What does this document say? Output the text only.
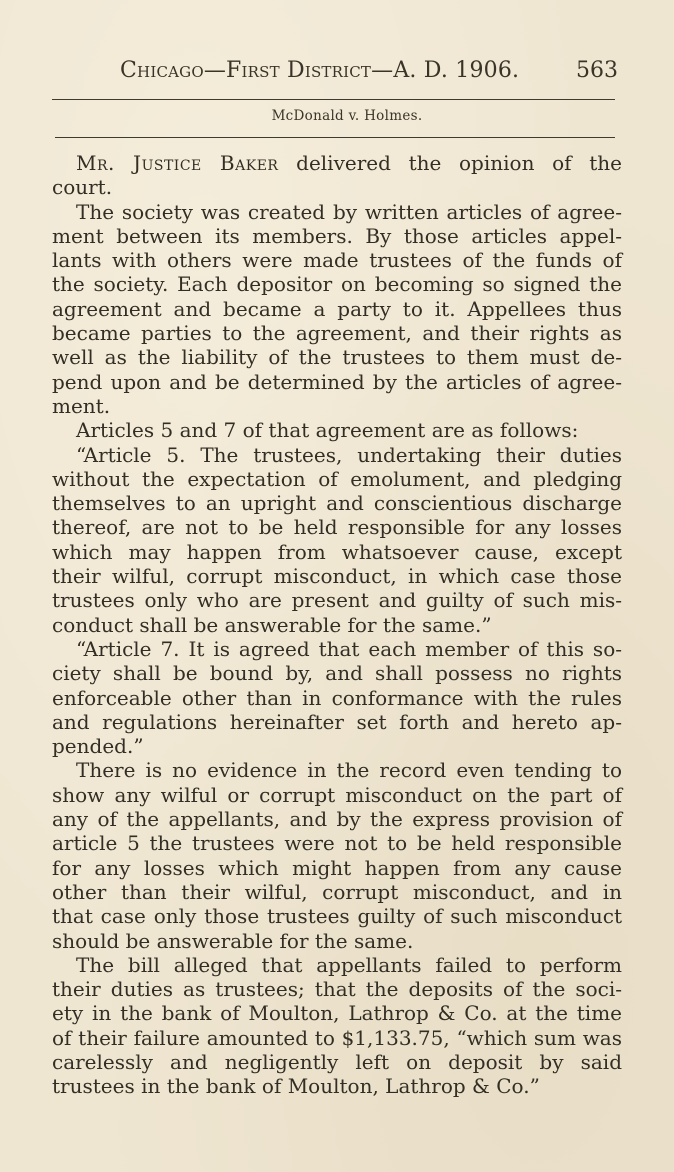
Chicago—First District—A. D. 1906.	563
McDonald v. Holmes.
Mr. Justice Baker delivered the opinion of the
court.
The society was created by written articles of agree-
ment between its members. By those articles appel-
lants with others were made trustees of the funds of
the society. Each depositor on becoming so signed the
agreement and became a party to it. Appellees thus
became parties to the agreement, and their rights as
well as the liability of the trustees to them must de-
pend upon and be determined by the articles of agree-
ment.
Articles 5 and 7 of that agreement are as follows:
“Article 5. The trustees, undertaking their duties
without the expectation of emolument, and pledging
themselves to an upright and conscientious discharge
thereof, are not to be held responsible for any losses
which may happen from whatsoever cause, except
their wilful, corrupt misconduct, in which case those
trustees only who are present and guilty of such mis-
conduct shall be answerable for the same.”
“Article 7. It is agreed that each member of this so-
ciety shall be bound by, and shall possess no rights
enforceable other than in conformance with the rules
and regulations hereinafter set forth and hereto ap-
pended.”
There is no evidence in the record even tending to
show any wilful or corrupt misconduct on the part of
any of the appellants, and by the express provision of
article 5 the trustees were not to be held responsible
for any losses which might happen from any cause
other than their wilful, corrupt misconduct, and in
that case only those trustees guilty of such misconduct
should be answerable for the same.
The bill alleged that appellants failed to perform
their duties as trustees; that the deposits of the soci-
ety in the bank of Moulton, Lathrop & Co. at the time
of their failure amounted to $1,133.75, “which sum was
carelessly and negligently left on deposit by said
trustees in the bank of Moulton, Lathrop & Co.”
